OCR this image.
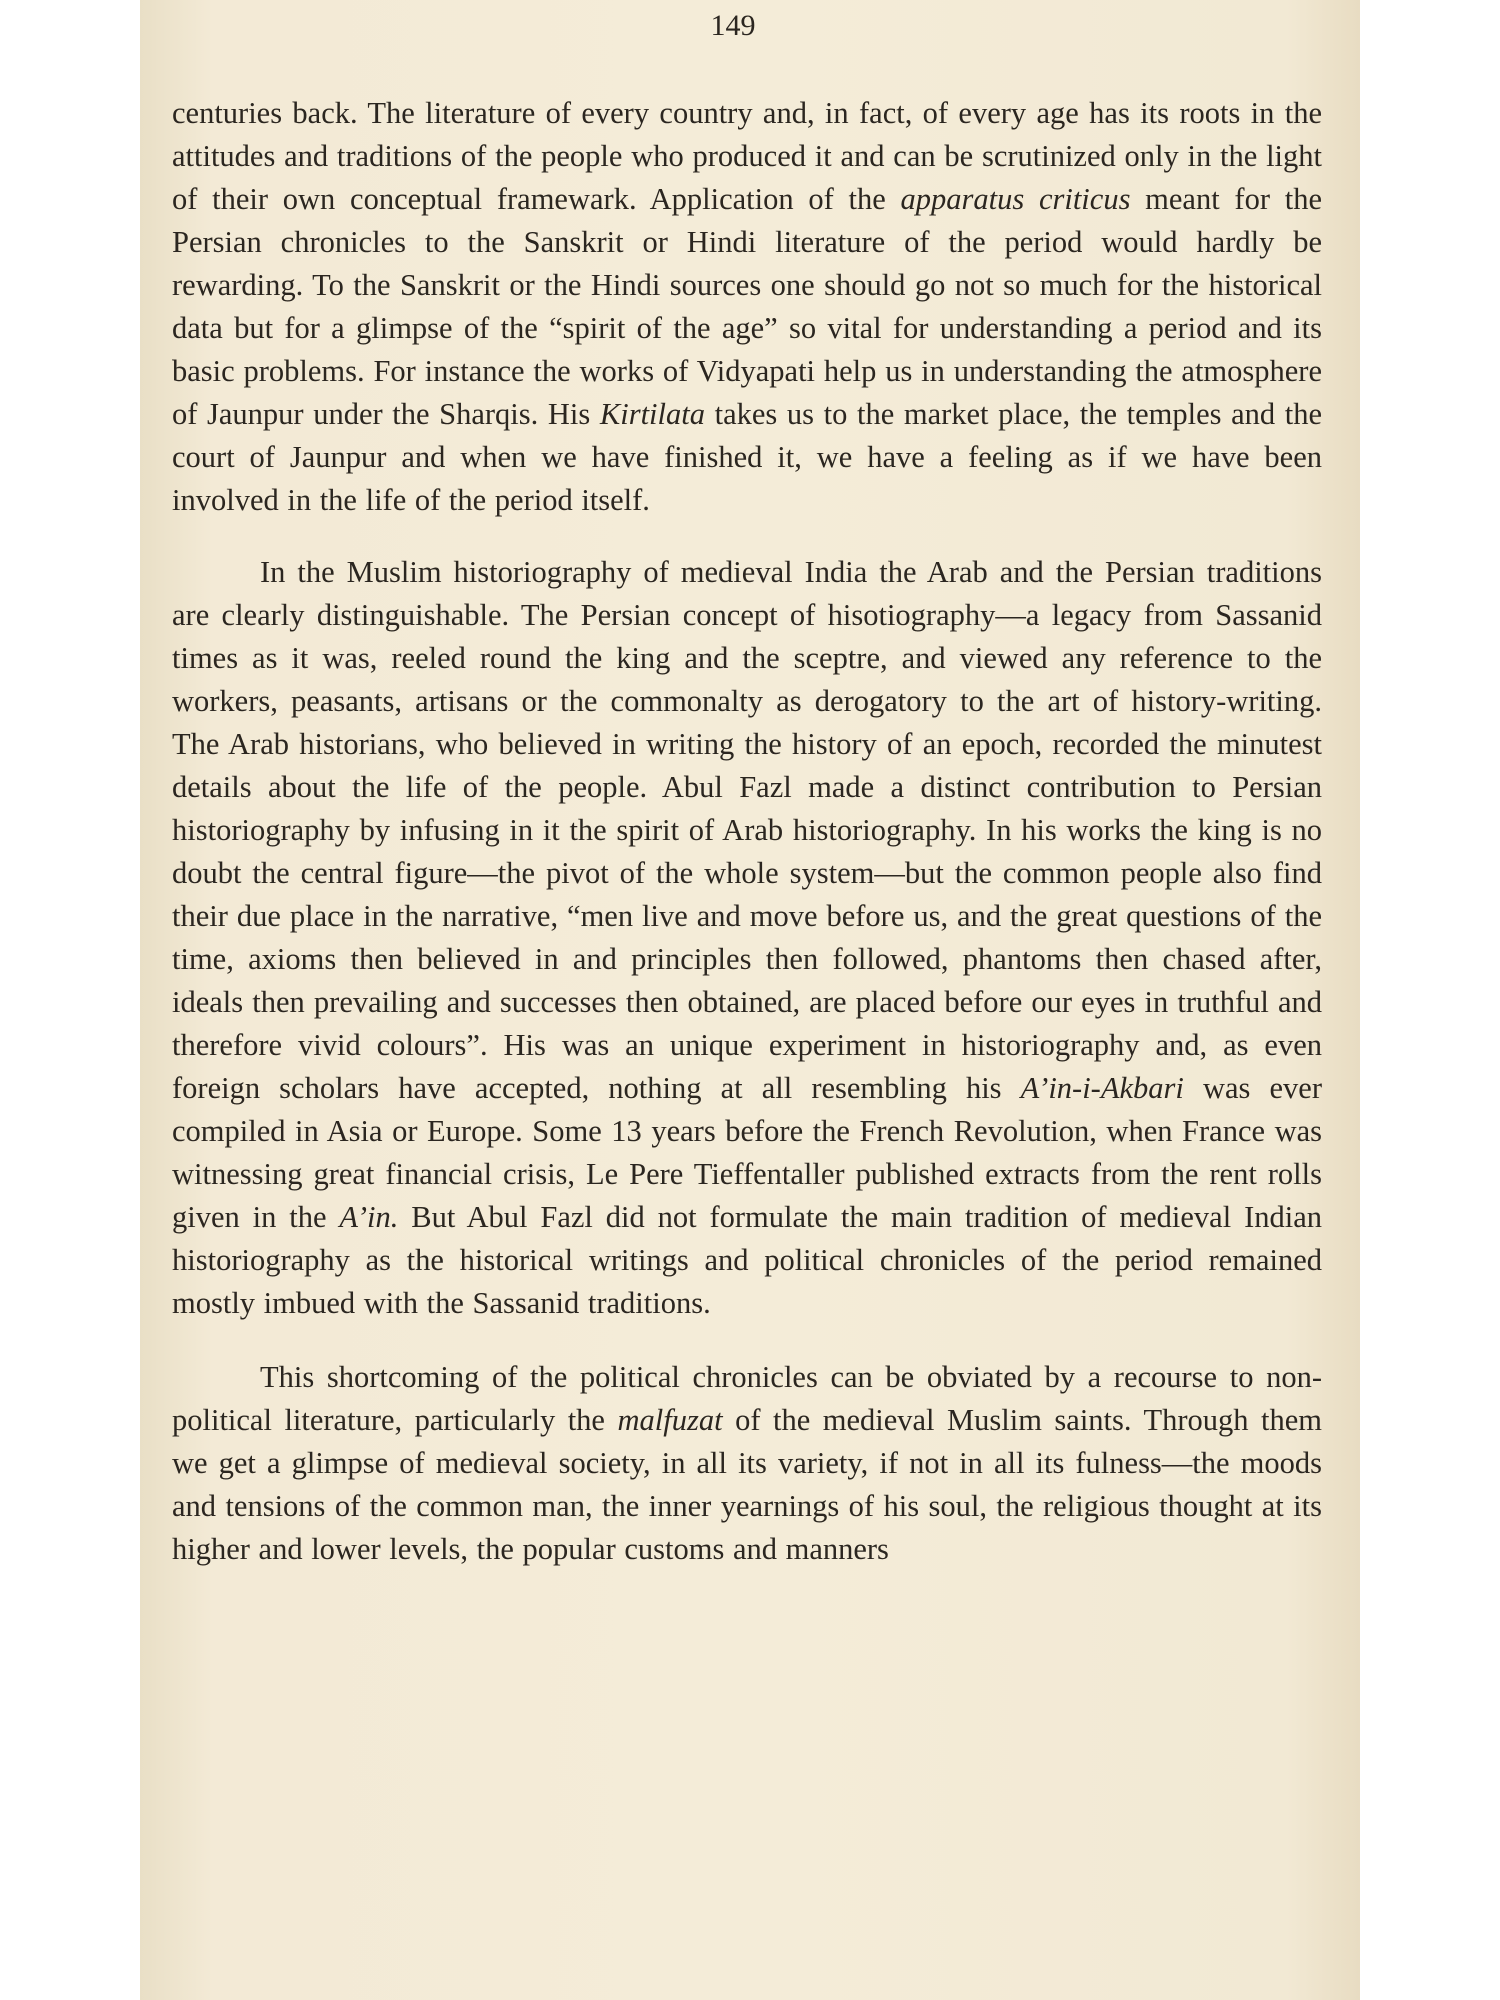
149

centuries back. The literature of every country and, in fact, of every age has its roots in the attitudes and traditions of the people who produced it and can be scrutinized only in the light of their own conceptual framewark. Application of the apparatus criticus meant for the Persian chronicles to the Sanskrit or Hindi literature of the period would hardly be rewarding. To the Sanskrit or the Hindi sources one should go not so much for the historical data but for a glimpse of the “spirit of the age” so vital for understanding a period and its basic problems. For instance the works of Vidyapati help us in understanding the atmosphere of Jaunpur under the Sharqis. His Kirtilata takes us to the market place, the temples and the court of Jaunpur and when we have finished it, we have a feeling as if we have been involved in the life of the period itself.

In the Muslim historiography of medieval India the Arab and the Persian traditions are clearly distinguishable. The Persian concept of hisotiography—a legacy from Sassanid times as it was, reeled round the king and the sceptre, and viewed any reference to the workers, peasants, artisans or the commonalty as derogatory to the art of history-writing. The Arab historians, who believed in writing the history of an epoch, recorded the minutest details about the life of the people. Abul Fazl made a distinct contribution to Persian historiography by infusing in it the spirit of Arab historiography. In his works the king is no doubt the central figure—the pivot of the whole system—but the common people also find their due place in the narrative, “men live and move before us, and the great questions of the time, axioms then believed in and principles then followed, phantoms then chased after, ideals then prevailing and successes then obtained, are placed before our eyes in truthful and therefore vivid colours”. His was an unique experiment in historiography and, as even foreign scholars have accepted, nothing at all resembling his A’in-i-Akbari was ever compiled in Asia or Europe. Some 13 years before the French Revolution, when France was witnessing great financial crisis, Le Pere Tieffentaller published extracts from the rent rolls given in the A’in. But Abul Fazl did not formulate the main tradition of medieval Indian historiography as the historical writings and political chronicles of the period remained mostly imbued with the Sassanid traditions.

This shortcoming of the political chronicles can be obviated by a recourse to non-political literature, particularly the malfuzat of the medieval Muslim saints. Through them we get a glimpse of medieval society, in all its variety, if not in all its fulness—the moods and tensions of the common man, the inner yearnings of his soul, the religious thought at its higher and lower levels, the popular customs and manners
